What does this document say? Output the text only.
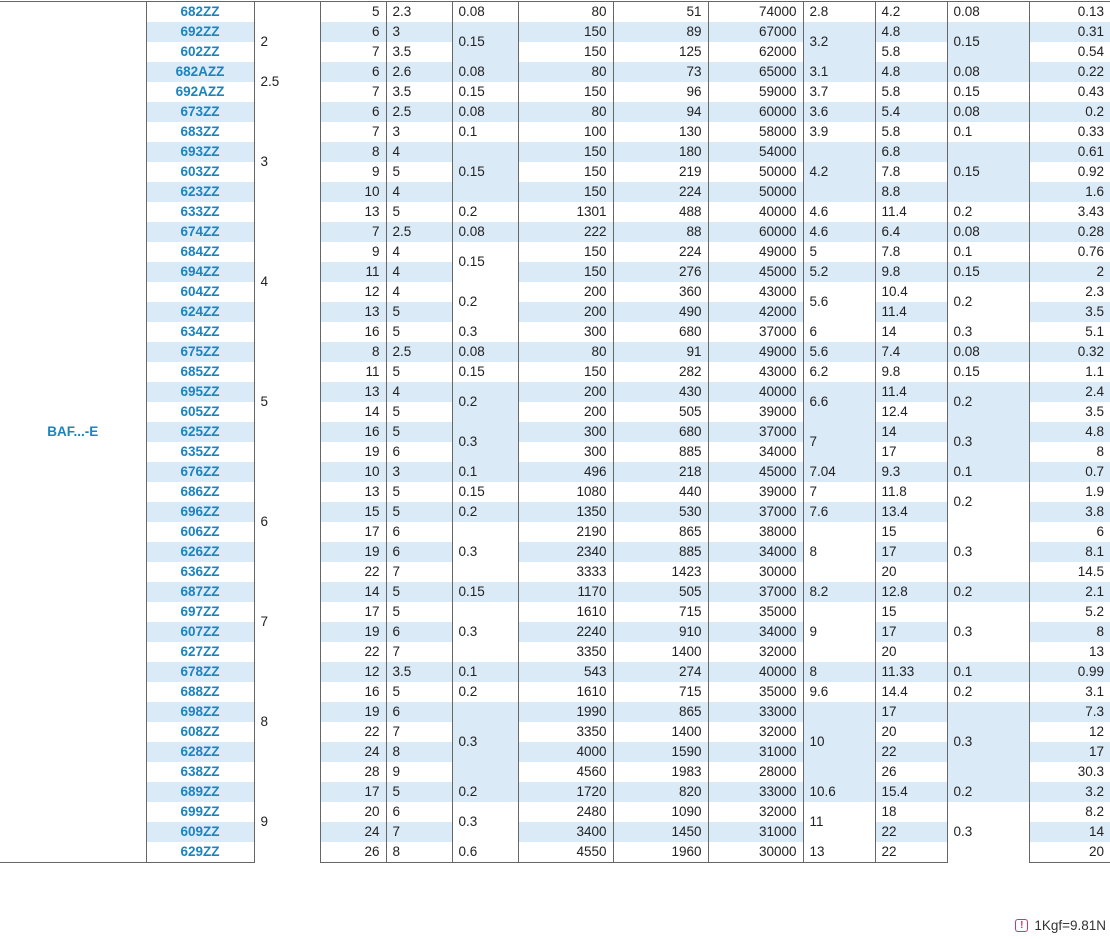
BAF...-E	682ZZ		5	2.3	0.08	80	51	74000	2.8	4.2	0.08	0.13
	692ZZ	2	6	3	0.15	150	89	67000	3.2	4.8	0.15	0.31
	602ZZ		7	3.5		150	125	62000		5.8		0.54
	682AZZ	2.5	6	2.6	0.08	80	73	65000	3.1	4.8	0.08	0.22
	692AZZ		7	3.5	0.15	150	96	59000	3.7	5.8	0.15	0.43
	673ZZ	3	6	2.5	0.08	80	94	60000	3.6	5.4	0.08	0.2
	683ZZ		7	3	0.1	100	130	58000	3.9	5.8	0.1	0.33
	693ZZ		8	4	0.15	150	180	54000	4.2	6.8	0.15	0.61
	603ZZ		9	5		150	219	50000		7.8		0.92
	623ZZ		10	4		150	224	50000		8.8		1.6
	633ZZ		13	5	0.2	1301	488	40000	4.6	11.4	0.2	3.43
	674ZZ	4	7	2.5	0.08	222	88	60000	4.6	6.4	0.08	0.28
	684ZZ		9	4	0.15	150	224	49000	5	7.8	0.1	0.76
	694ZZ		11	4		150	276	45000	5.2	9.8	0.15	2
	604ZZ		12	4	0.2	200	360	43000	5.6	10.4	0.2	2.3
	624ZZ		13	5		200	490	42000		11.4		3.5
	634ZZ		16	5	0.3	300	680	37000	6	14	0.3	5.1
	675ZZ	5	8	2.5	0.08	80	91	49000	5.6	7.4	0.08	0.32
	685ZZ		11	5	0.15	150	282	43000	6.2	9.8	0.15	1.1
	695ZZ		13	4	0.2	200	430	40000	6.6	11.4	0.2	2.4
	605ZZ		14	5		200	505	39000		12.4		3.5
	625ZZ		16	5	0.3	300	680	37000	7	14	0.3	4.8
	635ZZ		19	6		300	885	34000		17		8
	676ZZ	6	10	3	0.1	496	218	45000	7.04	9.3	0.1	0.7
	686ZZ		13	5	0.15	1080	440	39000	7	11.8	0.2	1.9
	696ZZ		15	5	0.2	1350	530	37000	7.6	13.4		3.8
	606ZZ		17	6	0.3	2190	865	38000	8	15	0.3	6
	626ZZ		19	6		2340	885	34000		17		8.1
	636ZZ		22	7		3333	1423	30000		20		14.5
	687ZZ	7	14	5	0.15	1170	505	37000	8.2	12.8	0.2	2.1
	697ZZ		17	5	0.3	1610	715	35000	9	15	0.3	5.2
	607ZZ		19	6		2240	910	34000		17		8
	627ZZ		22	7		3350	1400	32000		20		13
	678ZZ	8	12	3.5	0.1	543	274	40000	8	11.33	0.1	0.99
	688ZZ		16	5	0.2	1610	715	35000	9.6	14.4	0.2	3.1
	698ZZ		19	6	0.3	1990	865	33000	10	17	0.3	7.3
	608ZZ		22	7		3350	1400	32000		20		12
	628ZZ		24	8		4000	1590	31000		22		17
	638ZZ		28	9		4560	1983	28000		26		30.3
	689ZZ	9	17	5	0.2	1720	820	33000	10.6	15.4	0.2	3.2
	699ZZ		20	6	0.3	2480	1090	32000	11	18	0.3	8.2
	609ZZ		24	7		3400	1450	31000		22		14
	629ZZ		26	8	0.6	4550	1960	30000	13	22		20
! 1Kgf=9.81N
